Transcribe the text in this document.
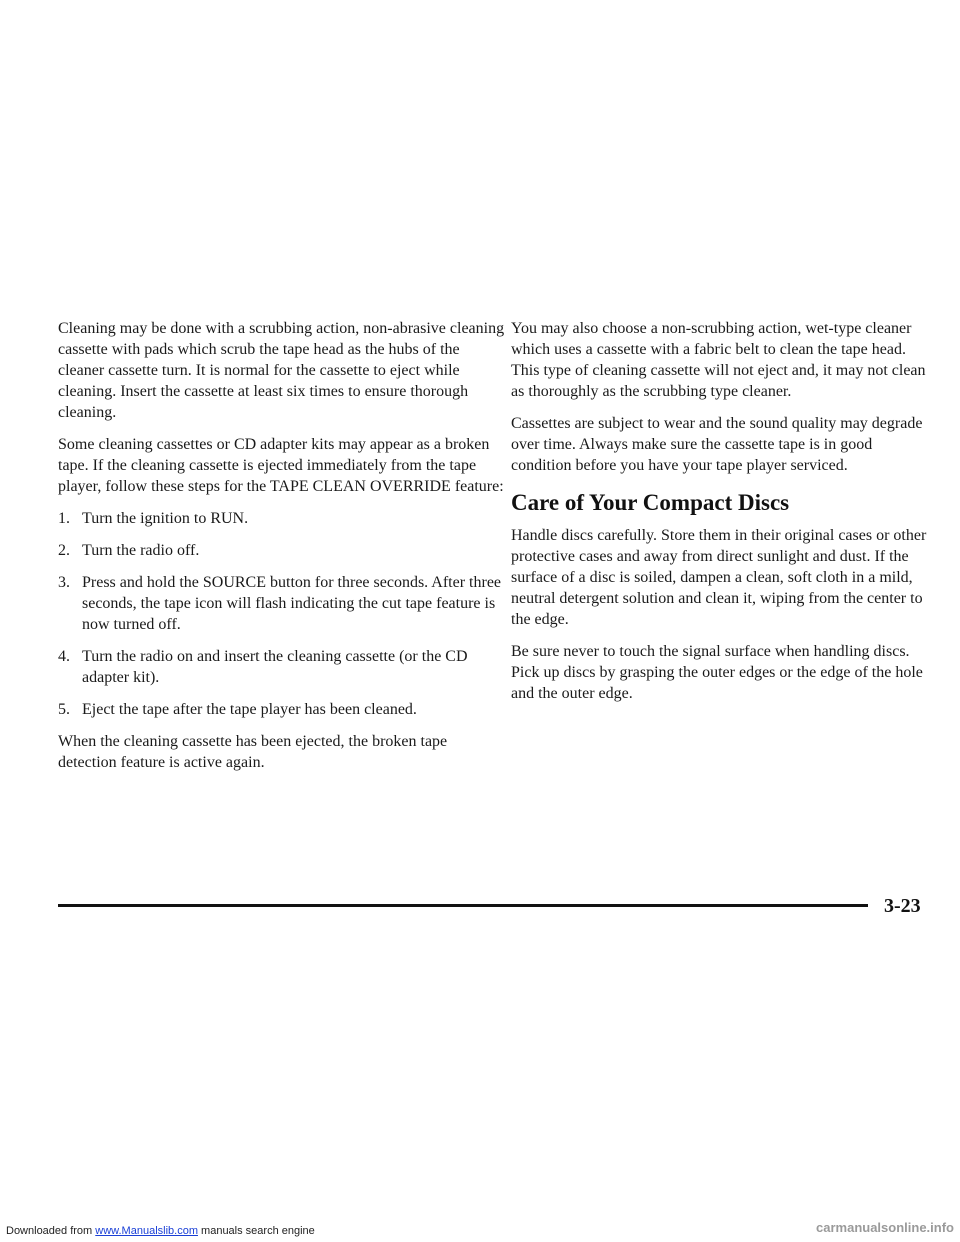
Cleaning may be done with a scrubbing action, non-abrasive cleaning cassette with pads which scrub the tape head as the hubs of the cleaner cassette turn. It is normal for the cassette to eject while cleaning. Insert the cassette at least six times to ensure thorough cleaning.

Some cleaning cassettes or CD adapter kits may appear as a broken tape. If the cleaning cassette is ejected immediately from the tape player, follow these steps for the TAPE CLEAN OVERRIDE feature:

1. Turn the ignition to RUN.
2. Turn the radio off.
3. Press and hold the SOURCE button for three seconds. After three seconds, the tape icon will flash indicating the cut tape feature is now turned off.
4. Turn the radio on and insert the cleaning cassette (or the CD adapter kit).
5. Eject the tape after the tape player has been cleaned.

When the cleaning cassette has been ejected, the broken tape detection feature is active again.

You may also choose a non-scrubbing action, wet-type cleaner which uses a cassette with a fabric belt to clean the tape head. This type of cleaning cassette will not eject and, it may not clean as thoroughly as the scrubbing type cleaner.

Cassettes are subject to wear and the sound quality may degrade over time. Always make sure the cassette tape is in good condition before you have your tape player serviced.

Care of Your Compact Discs

Handle discs carefully. Store them in their original cases or other protective cases and away from direct sunlight and dust. If the surface of a disc is soiled, dampen a clean, soft cloth in a mild, neutral detergent solution and clean it, wiping from the center to the edge.

Be sure never to touch the signal surface when handling discs. Pick up discs by grasping the outer edges or the edge of the hole and the outer edge.

3-23
Downloaded from www.Manualslib.com manuals search engine	carmanualsonline.info
